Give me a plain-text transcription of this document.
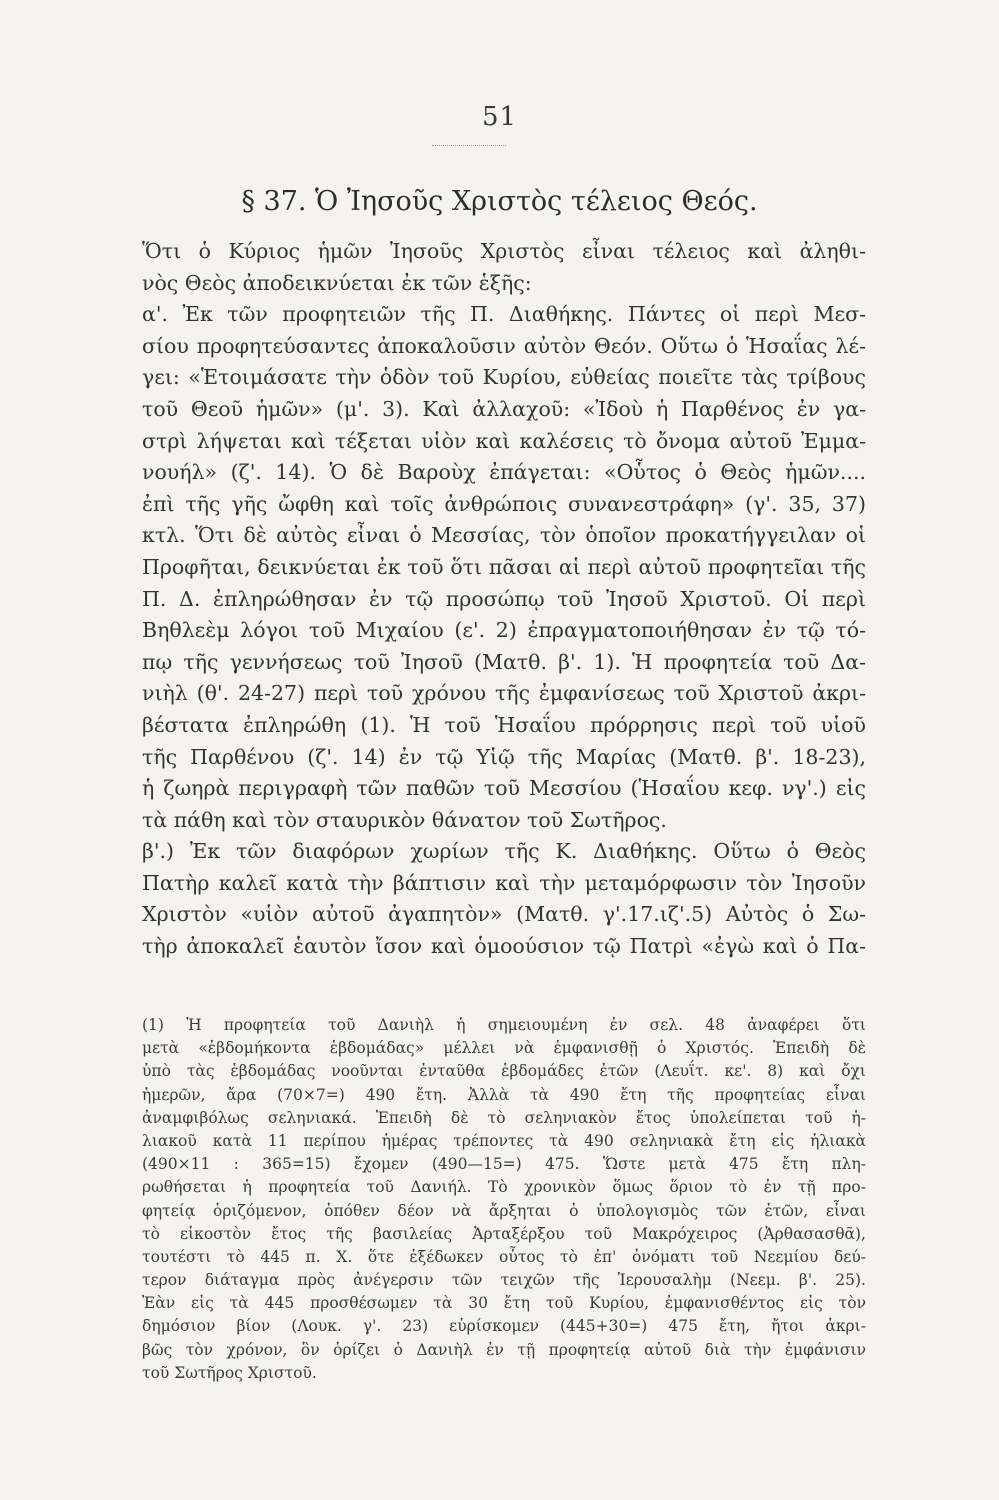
51
§ 37. Ὁ Ἰησοῦς Χριστὸς τέλειος Θεός.
Ὅτι ὁ Κύριος ἡμῶν Ἰησοῦς Χριστὸς εἶναι τέλειος καὶ ἀληθι-
νὸς Θεὸς ἀποδεικνύεται ἐκ τῶν ἑξῆς:
α'. Ἐκ τῶν προφητειῶν τῆς Π. Διαθήκης. Πάντες οἱ περὶ Μεσ-
σίου προφητεύσαντες ἀποκαλοῦσιν αὐτὸν Θεόν. Οὕτω ὁ Ἡσαΐας λέ-
γει: «Ἑτοιμάσατε τὴν ὁδὸν τοῦ Κυρίου, εὐθείας ποιεῖτε τὰς τρίβους
τοῦ Θεοῦ ἡμῶν» (μ'. 3). Καὶ ἀλλαχοῦ: «Ἰδοὺ ἡ Παρθένος ἐν γα-
στρὶ λήψεται καὶ τέξεται υἱὸν καὶ καλέσεις τὸ ὄνομα αὐτοῦ Ἐμμα-
νουήλ» (ζ'. 14). Ὁ δὲ Βαροὺχ ἐπάγεται: «Οὗτος ὁ Θεὸς ἡμῶν....
ἐπὶ τῆς γῆς ὤφθη καὶ τοῖς ἀνθρώποις συνανεστράφη» (γ'. 35, 37)
κτλ. Ὅτι δὲ αὐτὸς εἶναι ὁ Μεσσίας, τὸν ὁποῖον προκατήγγειλαν οἱ
Προφῆται, δεικνύεται ἐκ τοῦ ὅτι πᾶσαι αἱ περὶ αὐτοῦ προφητεῖαι τῆς
Π. Δ. ἐπληρώθησαν ἐν τῷ προσώπῳ τοῦ Ἰησοῦ Χριστοῦ. Οἱ περὶ
Βηθλεὲμ λόγοι τοῦ Μιχαίου (ε'. 2) ἐπραγματοποιήθησαν ἐν τῷ τό-
πῳ τῆς γεννήσεως τοῦ Ἰησοῦ (Ματθ. β'. 1). Ἡ προφητεία τοῦ Δα-
νιὴλ (θ'. 24-27) περὶ τοῦ χρόνου τῆς ἐμφανίσεως τοῦ Χριστοῦ ἀκρι-
βέστατα ἐπληρώθη (1). Ἡ τοῦ Ἡσαΐου πρόρρησις περὶ τοῦ υἱοῦ
τῆς Παρθένου (ζ'. 14) ἐν τῷ Υἱῷ τῆς Μαρίας (Ματθ. β'. 18-23),
ἡ ζωηρὰ περιγραφὴ τῶν παθῶν τοῦ Μεσσίου (Ἡσαΐου κεφ. νγ'.) εἰς
τὰ πάθη καὶ τὸν σταυρικὸν θάνατον τοῦ Σωτῆρος.
β'.) Ἐκ τῶν διαφόρων χωρίων τῆς Κ. Διαθήκης. Οὕτω ὁ Θεὸς
Πατὴρ καλεῖ κατὰ τὴν βάπτισιν καὶ τὴν μεταμόρφωσιν τὸν Ἰησοῦν
Χριστὸν «υἱὸν αὐτοῦ ἀγαπητὸν» (Ματθ. γ'.17.ιζ'.5) Αὐτὸς ὁ Σω-
τὴρ ἀποκαλεῖ ἑαυτὸν ἴσον καὶ ὁμοούσιον τῷ Πατρὶ «ἐγὼ καὶ ὁ Πα-
(1) Ἡ προφητεία τοῦ Δανιὴλ ἡ σημειουμένη ἐν σελ. 48 ἀναφέρει ὅτι
μετὰ «ἑβδομήκοντα ἑβδομάδας» μέλλει νὰ ἐμφανισθῇ ὁ Χριστός. Ἐπειδὴ δὲ
ὑπὸ τὰς ἑβδομάδας νοοῦνται ἐνταῦθα ἑβδομάδες ἐτῶν (Λευΐτ. κε'. 8) καὶ ὄχι
ἡμερῶν, ἄρα (70×7=) 490 ἔτη. Ἀλλὰ τὰ 490 ἔτη τῆς προφητείας εἶναι
ἀναμφιβόλως σεληνιακά. Ἐπειδὴ δὲ τὸ σεληνιακὸν ἔτος ὑπολείπεται τοῦ ἡ-
λιακοῦ κατὰ 11 περίπου ἡμέρας τρέποντες τὰ 490 σεληνιακὰ ἔτη εἰς ἡλιακὰ
(490×11 : 365=15) ἔχομεν (490—15=) 475. Ὥστε μετὰ 475 ἔτη πλη-
ρωθήσεται ἡ προφητεία τοῦ Δανιήλ. Τὸ χρονικὸν ὅμως ὅριον τὸ ἐν τῇ προ-
φητείᾳ ὁριζόμενον, ὁπόθεν δέον νὰ ἄρξηται ὁ ὑπολογισμὸς τῶν ἐτῶν, εἶναι
τὸ εἰκοστὸν ἔτος τῆς βασιλείας Ἀρταξέρξου τοῦ Μακρόχειρος (Ἀρθασασθᾶ),
τουτέστι τὸ 445 π. Χ. ὅτε ἐξέδωκεν οὗτος τὸ ἐπ' ὀνόματι τοῦ Νεεμίου δεύ-
τερον διάταγμα πρὸς ἀνέγερσιν τῶν τειχῶν τῆς Ἱερουσαλὴμ (Νεεμ. β'. 25).
Ἐὰν εἰς τὰ 445 προσθέσωμεν τὰ 30 ἔτη τοῦ Κυρίου, ἐμφανισθέντος εἰς τὸν
δημόσιον βίον (Λουκ. γ'. 23) εὑρίσκομεν (445+30=) 475 ἔτη, ἤτοι ἀκρι-
βῶς τὸν χρόνον, ὃν ὁρίζει ὁ Δανιὴλ ἐν τῇ προφητείᾳ αὐτοῦ διὰ τὴν ἐμφάνισιν
τοῦ Σωτῆρος Χριστοῦ.
